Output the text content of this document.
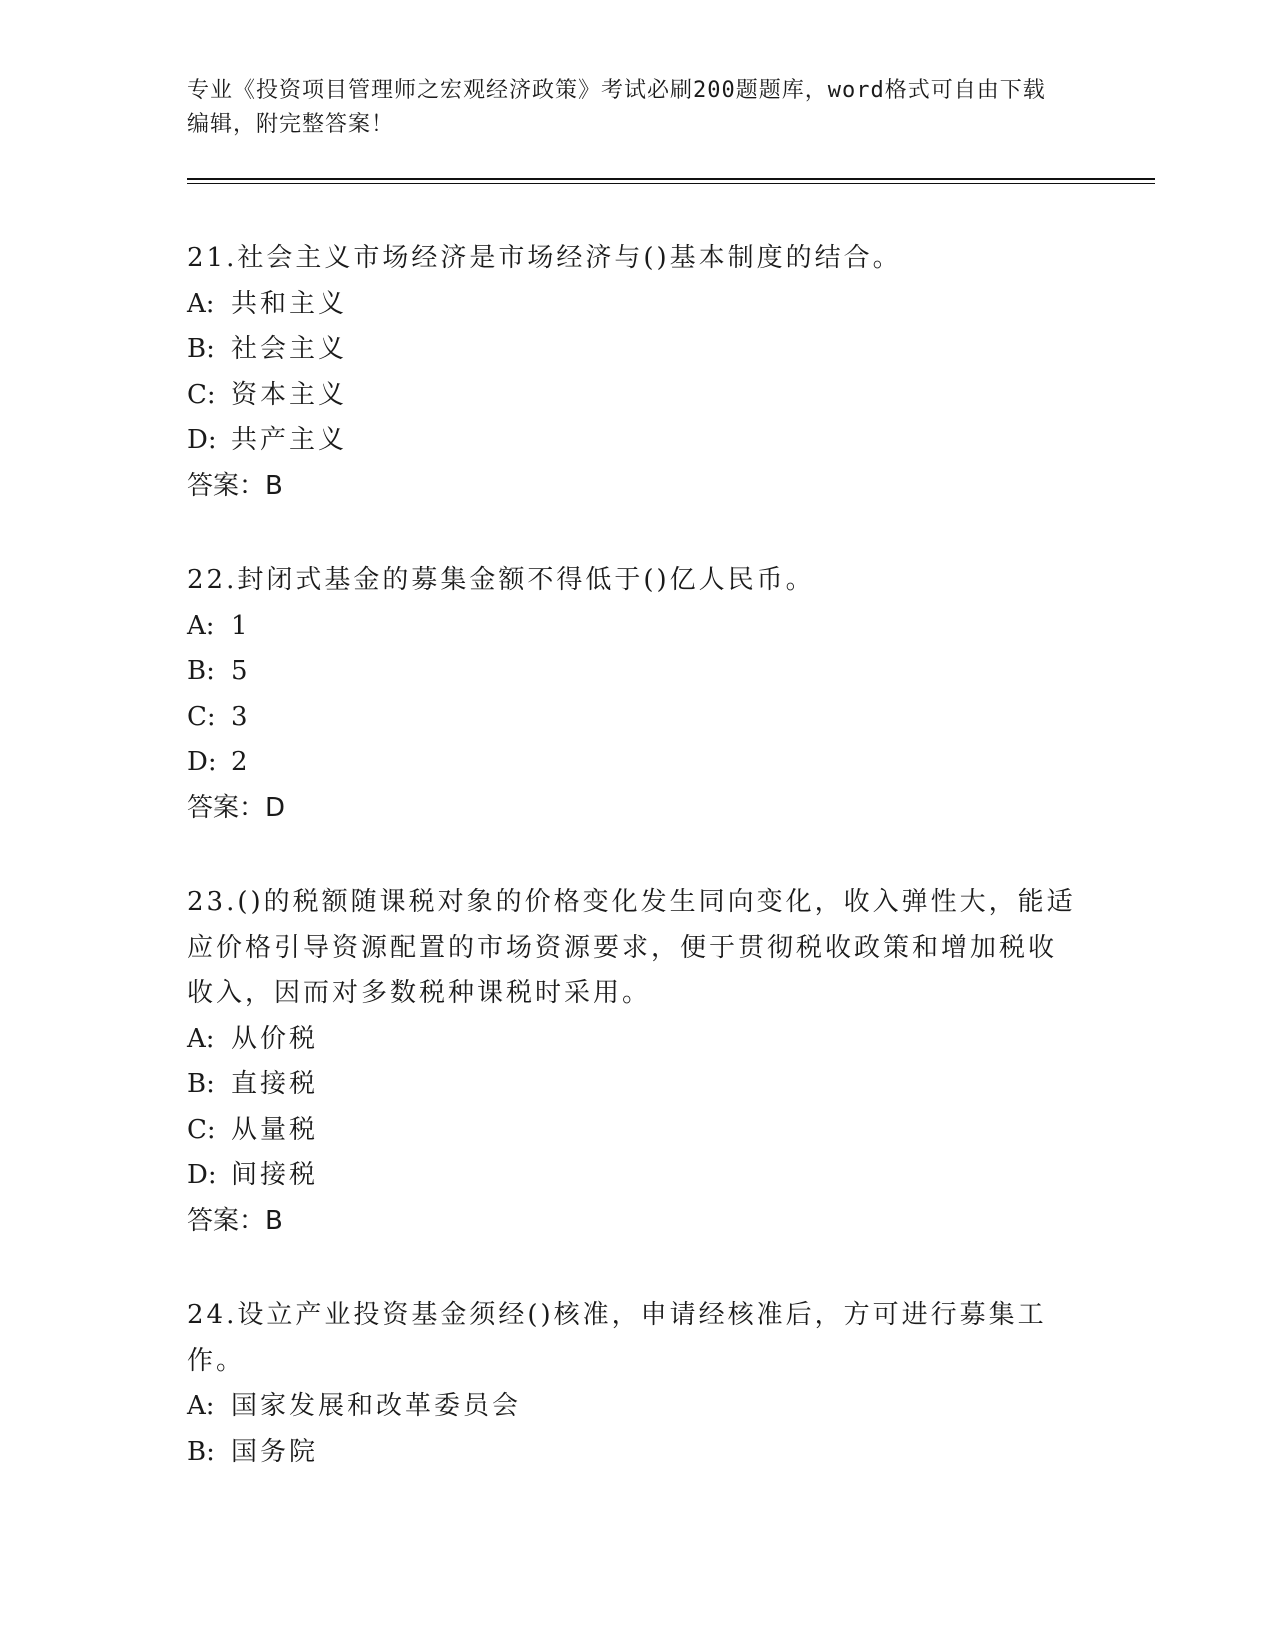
专业《投资项目管理师之宏观经济政策》考试必刷200题题库，word格式可自由下载编辑，附完整答案！

21.社会主义市场经济是市场经济与()基本制度的结合。

A: 共和主义

B: 社会主义

C: 资本主义

D: 共产主义

答案：B

22.封闭式基金的募集金额不得低于()亿人民币。

A: 1

B: 5

C: 3

D: 2

答案：D

23.()的税额随课税对象的价格变化发生同向变化，收入弹性大，能适应价格引导资源配置的市场资源要求，便于贯彻税收政策和增加税收收入，因而对多数税种课税时采用。

A: 从价税

B: 直接税

C: 从量税

D: 间接税

答案：B

24.设立产业投资基金须经()核准，申请经核准后，方可进行募集工作。

A: 国家发展和改革委员会

B: 国务院
